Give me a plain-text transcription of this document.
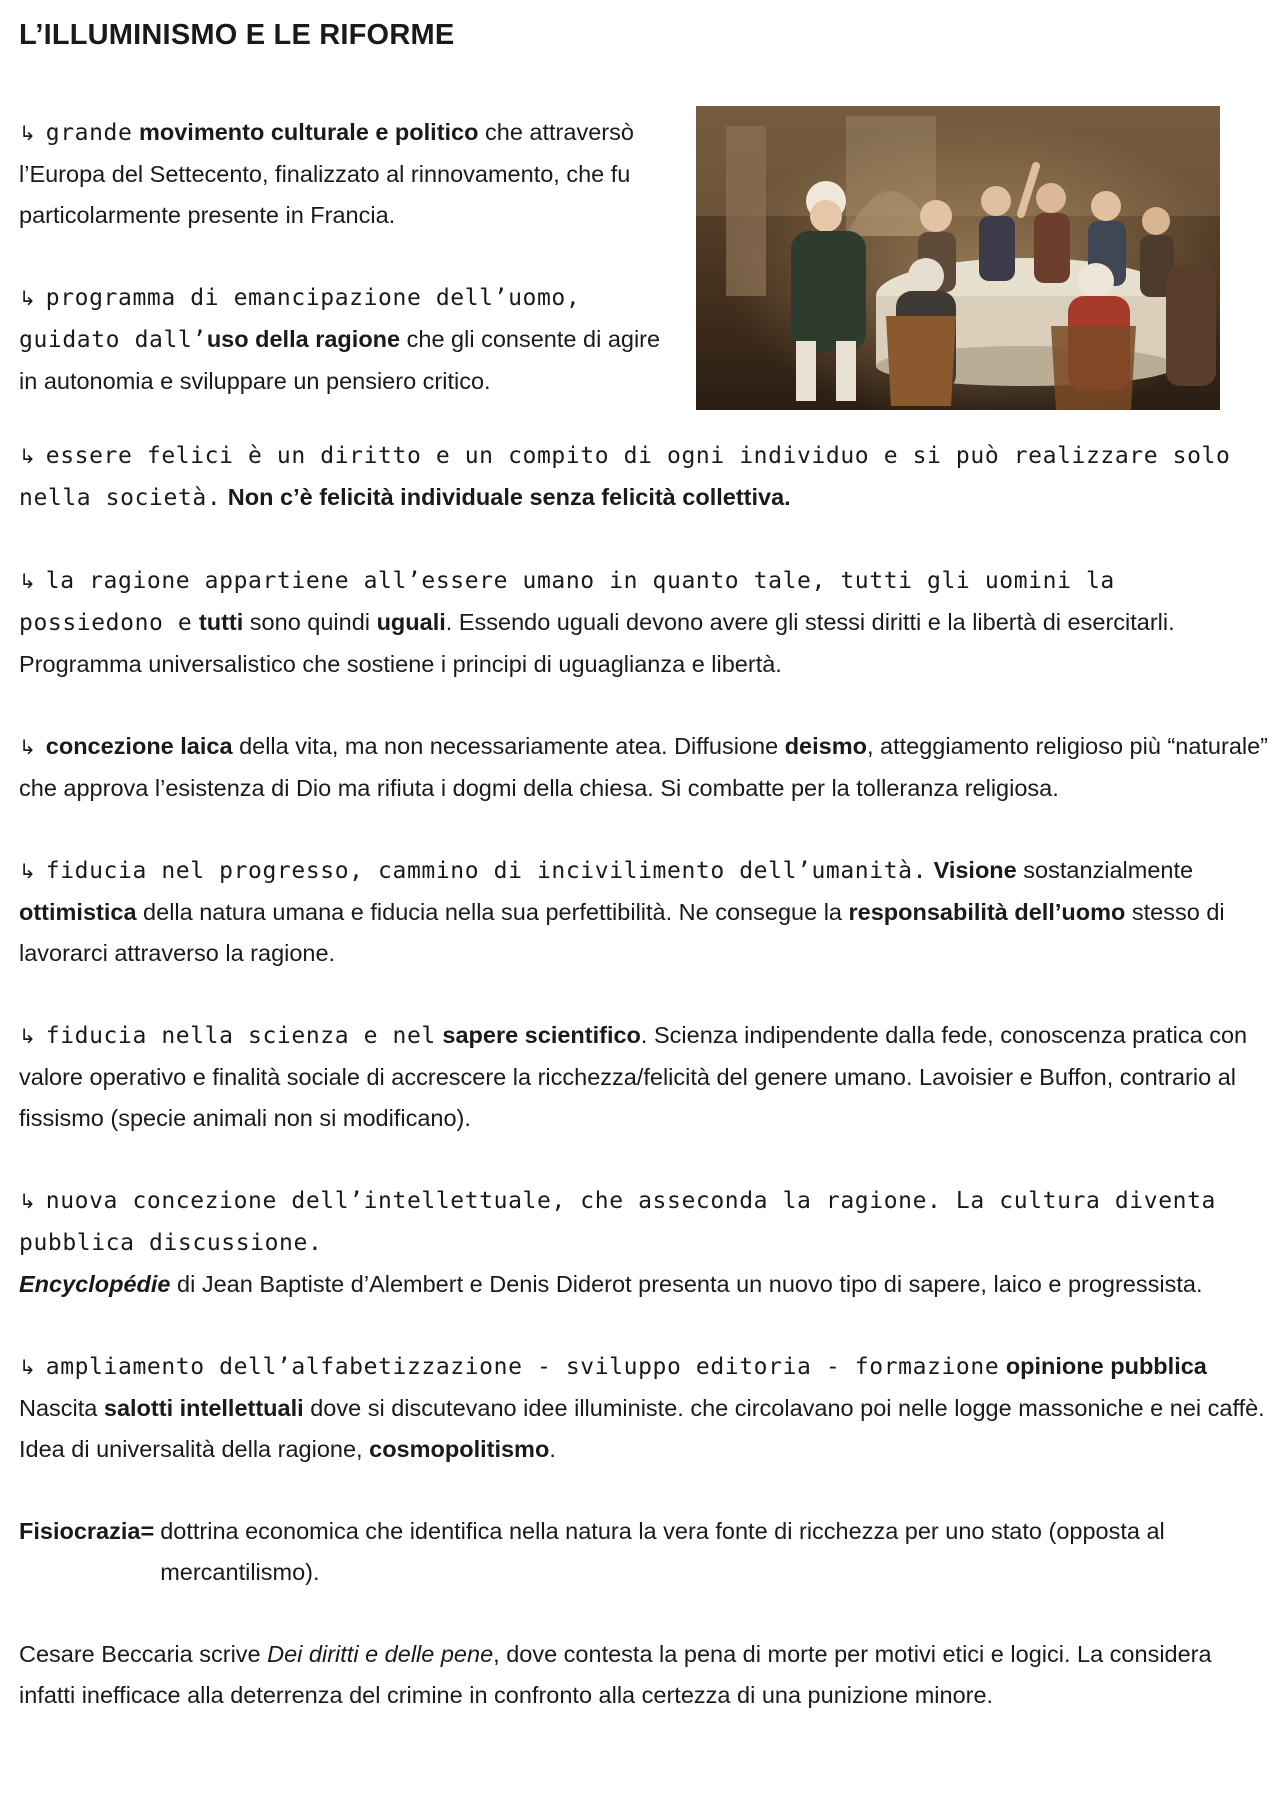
L’ILLUMINISMO E LE RIFORME

↳ grande movimento culturale e politico che attraversò l’Europa del Settecento, finalizzato al rinnovamento, che fu particolarmente presente in Francia.

↳ programma di emancipazione dell’uomo, guidato dall’uso della ragione che gli consente di agire in autonomia e sviluppare un pensiero critico.

↳ essere felici è un diritto e un compito di ogni individuo e si può realizzare solo nella società. Non c’è felicità individuale senza felicità collettiva.

↳ la ragione appartiene all’essere umano in quanto tale, tutti gli uomini la possiedono e tutti sono quindi uguali. Essendo uguali devono avere gli stessi diritti e la libertà di esercitarli. Programma universalistico che sostiene i principi di uguaglianza e libertà.

↳ concezione laica della vita, ma non necessariamente atea. Diffusione deismo, atteggiamento religioso più “naturale” che approva l’esistenza di Dio ma rifiuta i dogmi della chiesa. Si combatte per la tolleranza religiosa.

↳ fiducia nel progresso, cammino di incivilimento dell’umanità. Visione sostanzialmente ottimistica della natura umana e fiducia nella sua perfettibilità. Ne consegue la responsabilità dell’uomo stesso di lavorarci attraverso la ragione.

↳ fiducia nella scienza e nel sapere scientifico. Scienza indipendente dalla fede, conoscenza pratica con valore operativo e finalità sociale di accrescere la ricchezza/felicità del genere umano. Lavoisier e Buffon, contrario al fissismo (specie animali non si modificano).

↳ nuova concezione dell’intellettuale, che asseconda la ragione. La cultura diventa pubblica discussione.

Encyclopédie di Jean Baptiste d’Alembert e Denis Diderot presenta un nuovo tipo di sapere, laico e progressista.

↳ ampliamento dell’alfabetizzazione - sviluppo editoria - formazione opinione pubblica

Nascita salotti intellettuali dove si discutevano idee illuministe. che circolavano poi nelle logge massoniche e nei caffè. Idea di universalità della ragione, cosmopolitismo.

Fisiocrazia= dottrina economica che identifica nella natura la vera fonte di ricchezza per uno stato (opposta al mercantilismo).

Cesare Beccaria scrive Dei diritti e delle pene, dove contesta la pena di morte per motivi etici e logici. La considera infatti inefficace alla deterrenza del crimine in confronto alla certezza di una punizione minore.
